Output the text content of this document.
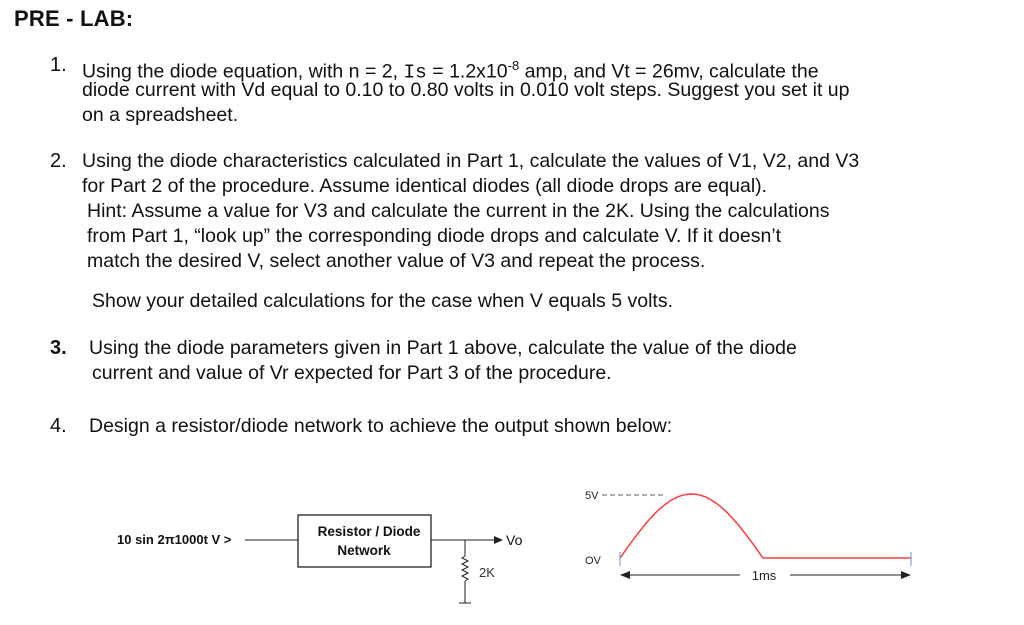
PRE - LAB:
1. Using the diode equation, with n = 2, $Is = 1.2x10^{-8}$ amp, and Vt = 26mv, calculate the
diode current with Vd equal to 0.10 to 0.80 volts in 0.010 volt steps. Suggest you set it up
on a spreadsheet.
2. Using the diode characteristics calculated in Part 1, calculate the values of V1, V2, and V3
for Part 2 of the procedure. Assume identical diodes (all diode drops are equal).
Hint: Assume a value for V3 and calculate the current in the 2K. Using the calculations
from Part 1, “look up” the corresponding diode drops and calculate V. If it doesn’t
match the desired V, select another value of V3 and repeat the process.
Show your detailed calculations for the case when V equals 5 volts.
3. Using the diode parameters given in Part 1 above, calculate the value of the diode
current and value of Vr expected for Part 3 of the procedure.
4. Design a resistor/diode network to achieve the output shown below:
10 sin 2π1000t V >
Resistor / Diode
Network
Vo
2K
5V
OV
1ms
